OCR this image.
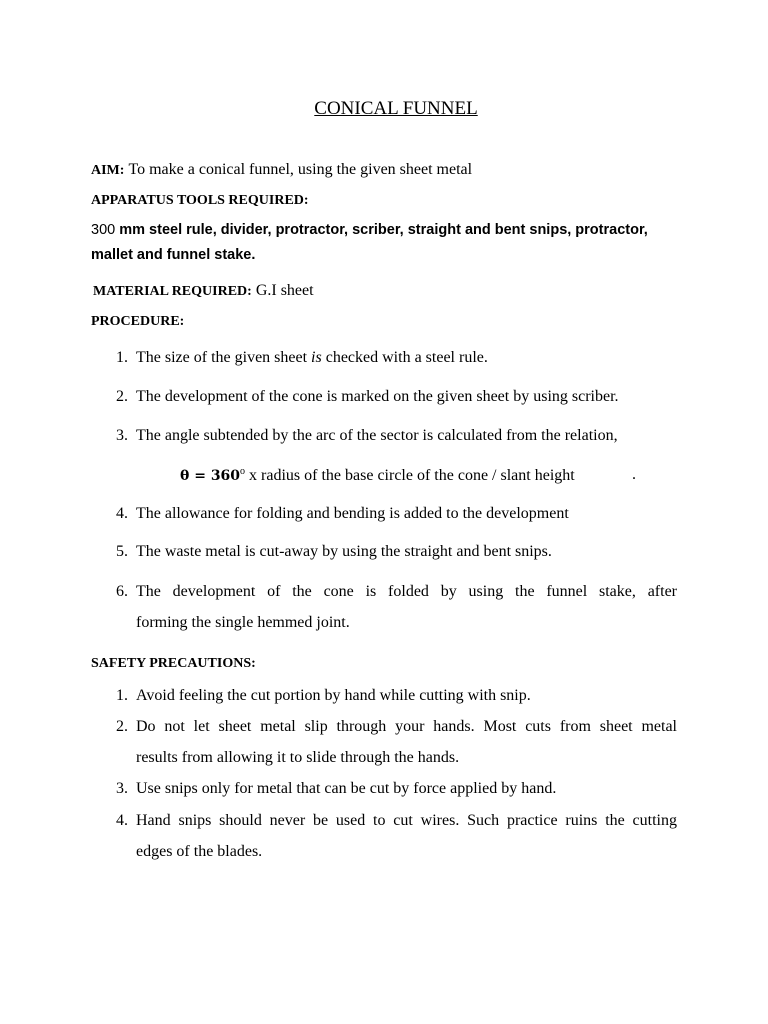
CONICAL FUNNEL
AIM: To make a conical funnel, using the given sheet metal
APPARATUS TOOLS REQUIRED:
300 mm steel rule, divider, protractor, scriber, straight and bent snips, protractor,
mallet and funnel stake.
MATERIAL REQUIRED: G.I sheet
PROCEDURE:
1. The size of the given sheet is checked with a steel rule.
2. The development of the cone is marked on the given sheet by using scriber.
3. The angle subtended by the arc of the sector is calculated from the relation,
$\theta = 360^o$ x radius of the base circle of the cone / slant height	.
4. The allowance for folding and bending is added to the development
5. The waste metal is cut-away by using the straight and bent snips.
6. The development of the cone is folded by using the funnel stake, after
forming the single hemmed joint.
SAFETY PRECAUTIONS:
1. Avoid feeling the cut portion by hand while cutting with snip.
2. Do not let sheet metal slip through your hands. Most cuts from sheet metal
results from allowing it to slide through the hands.
3. Use snips only for metal that can be cut by force applied by hand.
4. Hand snips should never be used to cut wires. Such practice ruins the cutting
edges of the blades.
